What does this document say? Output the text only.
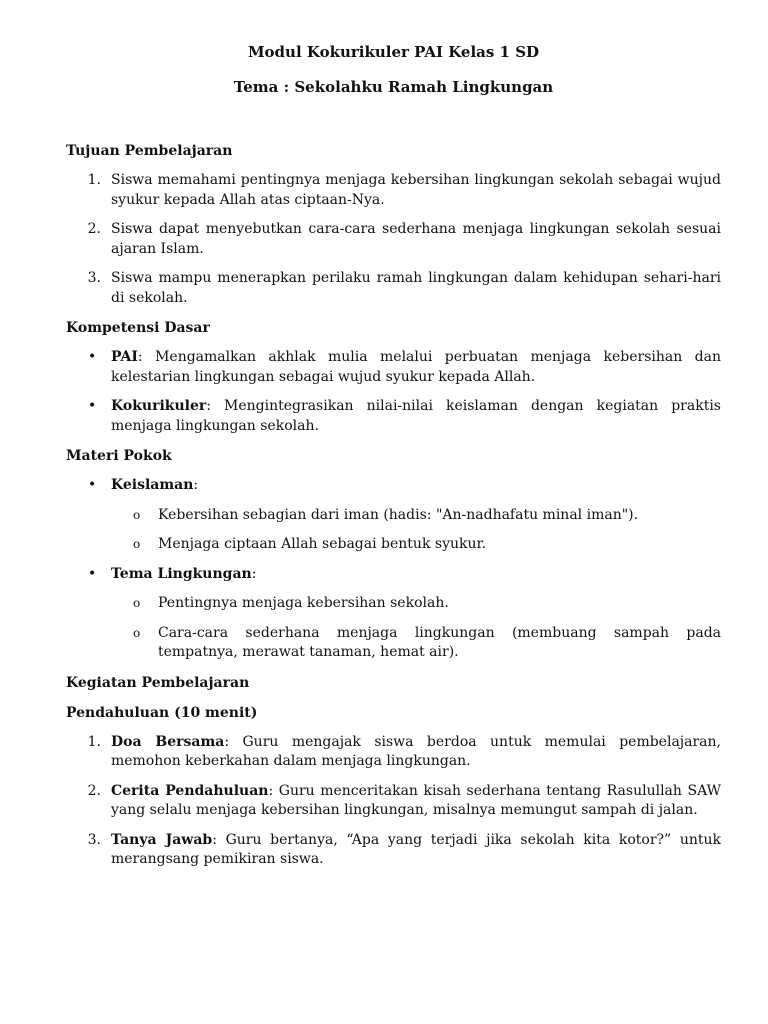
Modul Kokurikuler PAI Kelas 1 SD

Tema : Sekolahku Ramah Lingkungan

Tujuan Pembelajaran

1. Siswa memahami pentingnya menjaga kebersihan lingkungan sekolah sebagai wujud syukur kepada Allah atas ciptaan-Nya.
2. Siswa dapat menyebutkan cara-cara sederhana menjaga lingkungan sekolah sesuai ajaran Islam.
3. Siswa mampu menerapkan perilaku ramah lingkungan dalam kehidupan sehari-hari di sekolah.

Kompetensi Dasar

• PAI: Mengamalkan akhlak mulia melalui perbuatan menjaga kebersihan dan kelestarian lingkungan sebagai wujud syukur kepada Allah.
• Kokurikuler: Mengintegrasikan nilai-nilai keislaman dengan kegiatan praktis menjaga lingkungan sekolah.

Materi Pokok

• Keislaman:
o Kebersihan sebagian dari iman (hadis: "An-nadhafatu minal iman").
o Menjaga ciptaan Allah sebagai bentuk syukur.
• Tema Lingkungan:
o Pentingnya menjaga kebersihan sekolah.
o Cara-cara sederhana menjaga lingkungan (membuang sampah pada tempatnya, merawat tanaman, hemat air).

Kegiatan Pembelajaran

Pendahuluan (10 menit)

1. Doa Bersama: Guru mengajak siswa berdoa untuk memulai pembelajaran, memohon keberkahan dalam menjaga lingkungan.
2. Cerita Pendahuluan: Guru menceritakan kisah sederhana tentang Rasulullah SAW yang selalu menjaga kebersihan lingkungan, misalnya memungut sampah di jalan.
3. Tanya Jawab: Guru bertanya, “Apa yang terjadi jika sekolah kita kotor?” untuk merangsang pemikiran siswa.
